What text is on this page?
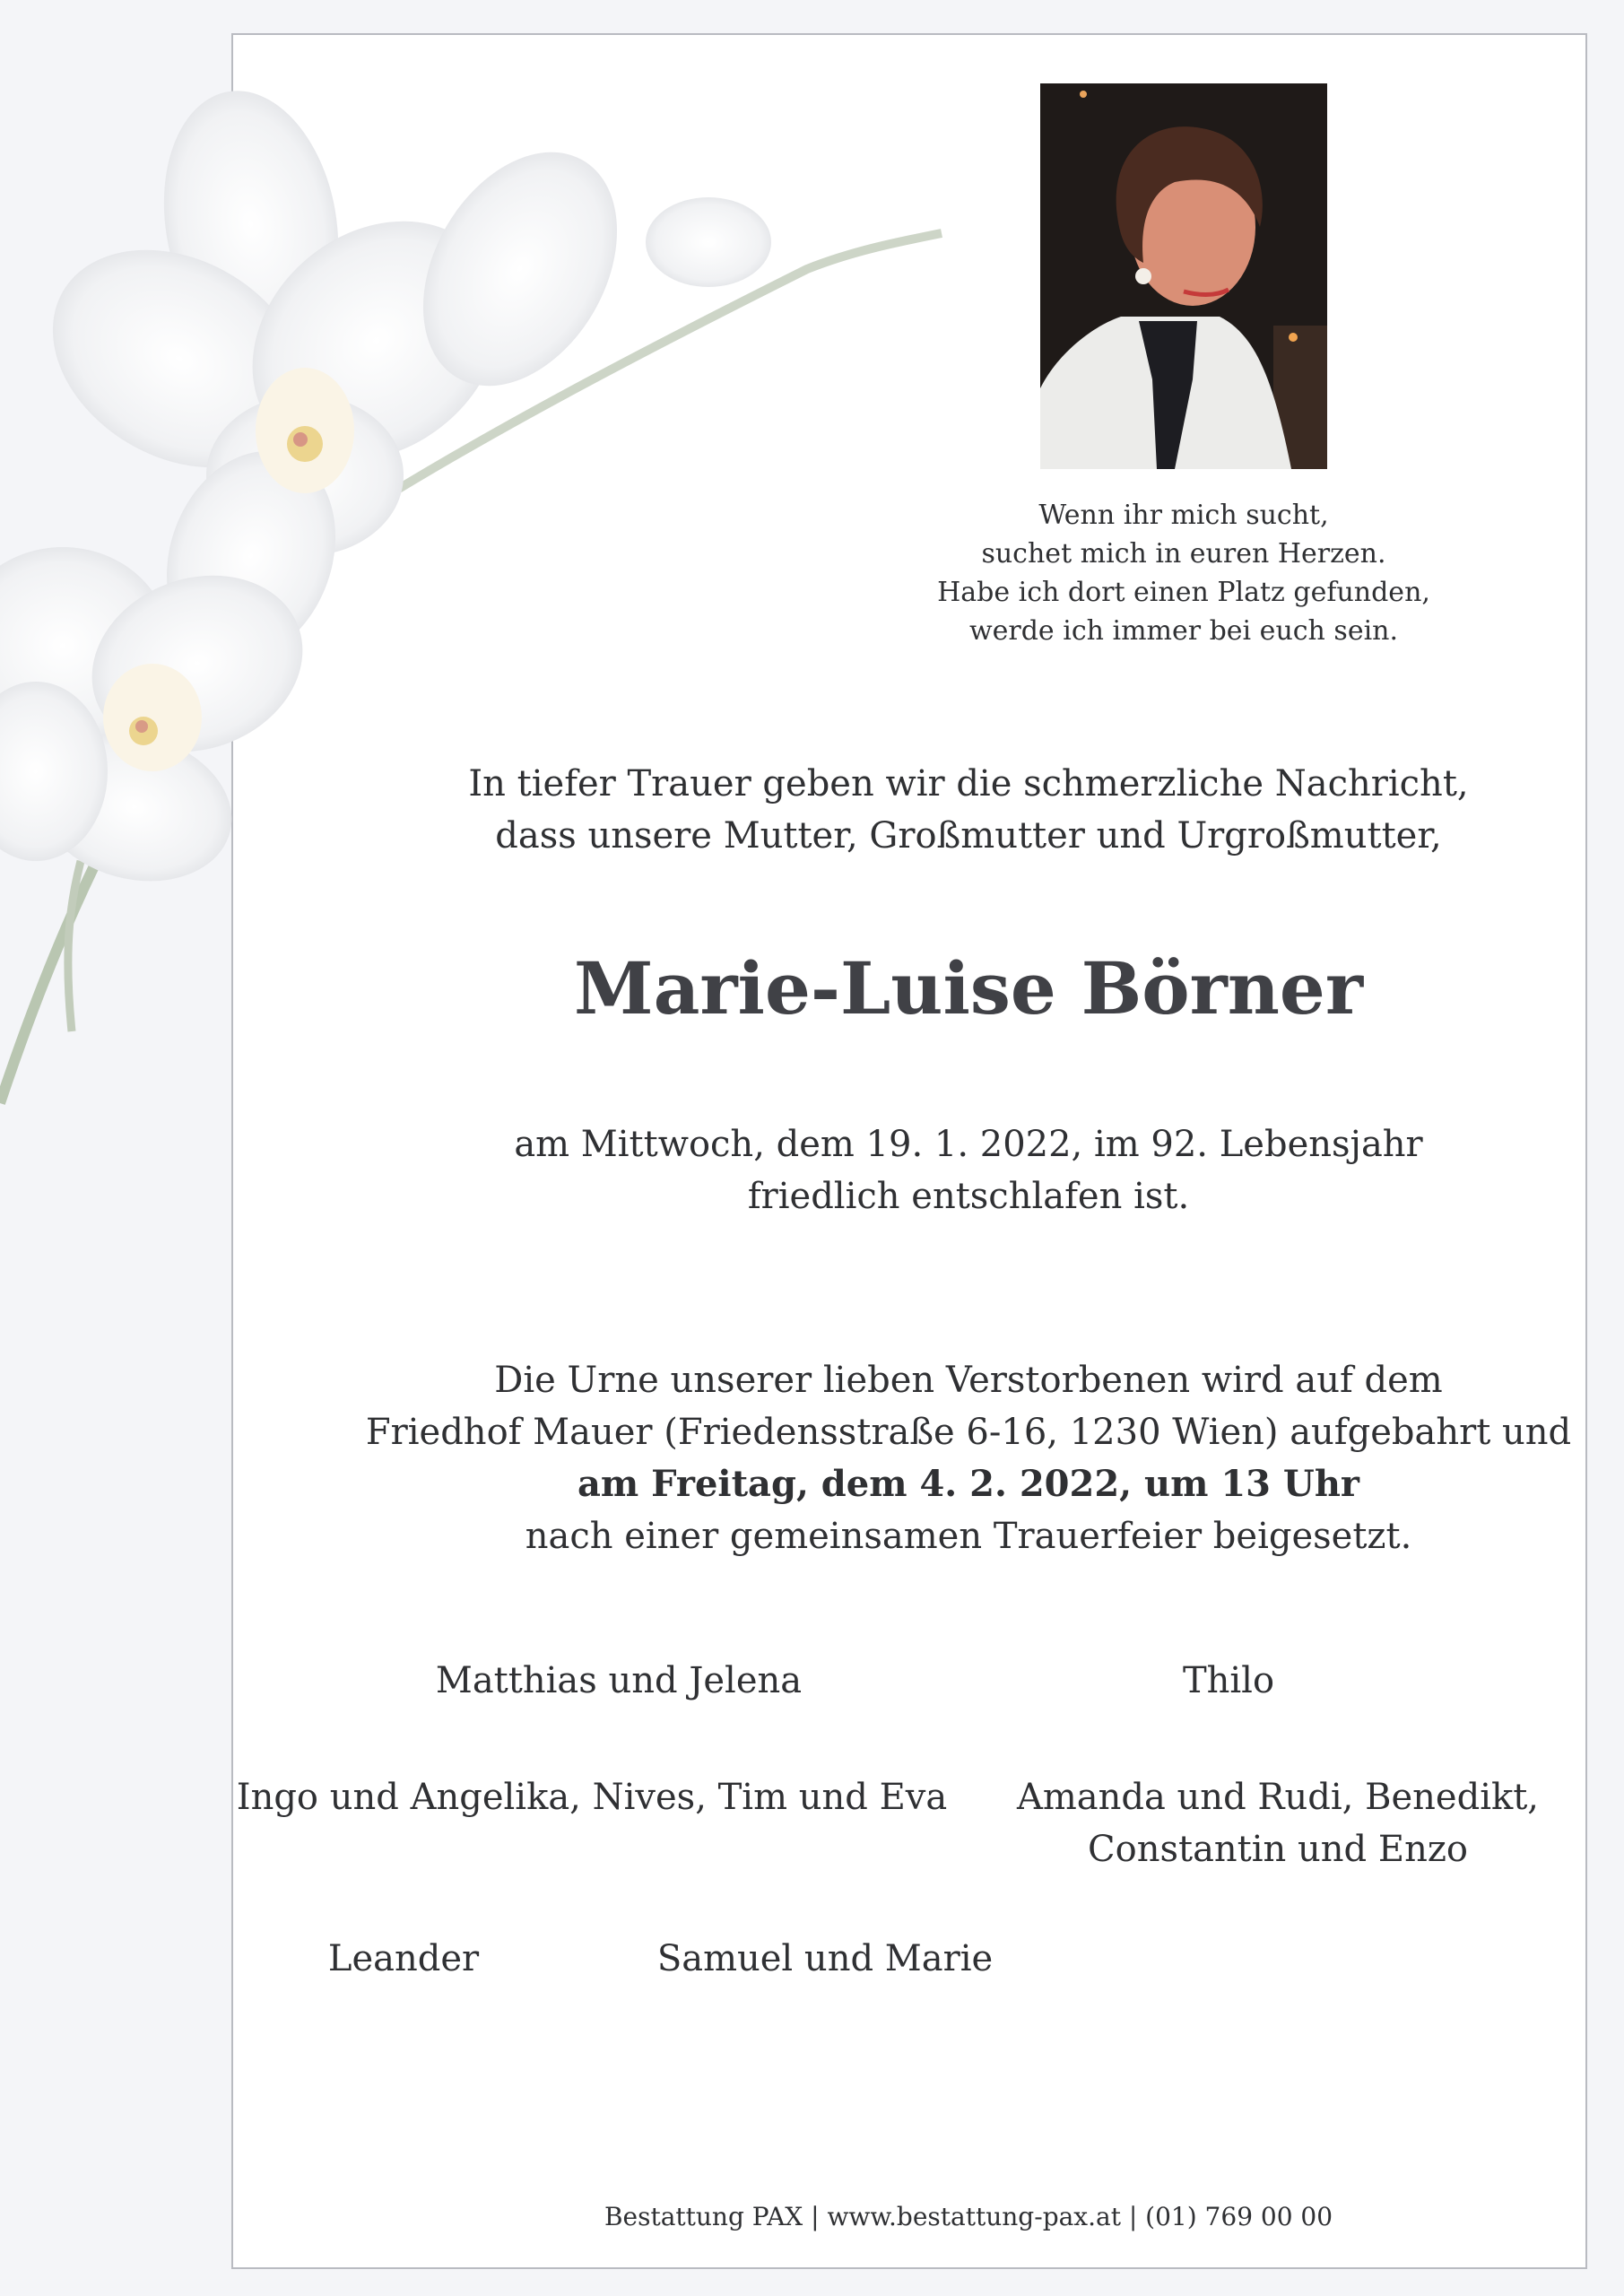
Wenn ihr mich sucht,
suchet mich in euren Herzen.
Habe ich dort einen Platz gefunden,
werde ich immer bei euch sein.
In tiefer Trauer geben wir die schmerzliche Nachricht,
dass unsere Mutter, Großmutter und Urgroßmutter,
Marie-Luise Börner
am Mittwoch, dem 19. 1. 2022, im 92. Lebensjahr
friedlich entschlafen ist.
Die Urne unserer lieben Verstorbenen wird auf dem
Friedhof Mauer (Friedensstraße 6-16, 1230 Wien) aufgebahrt und
am Freitag, dem 4. 2. 2022, um 13 Uhr
nach einer gemeinsamen Trauerfeier beigesetzt.
Matthias und Jelena	Thilo
Ingo und Angelika, Nives, Tim und Eva	Amanda und Rudi, Benedikt,
Constantin und Enzo
Leander	Samuel und Marie
Bestattung PAX | www.bestattung-pax.at | (01) 769 00 00
